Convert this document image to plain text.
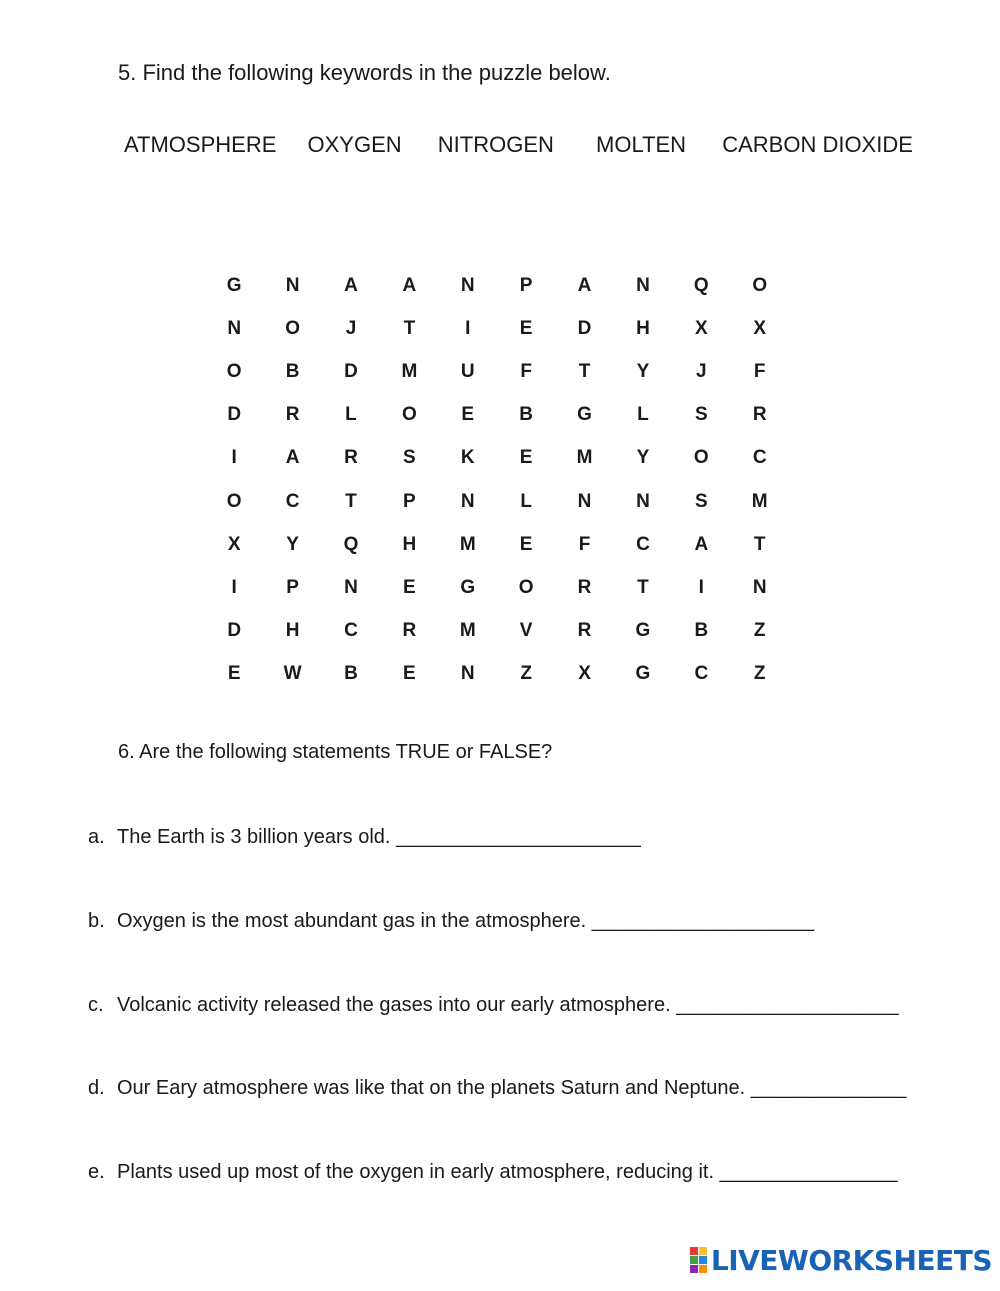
5. Find the following keywords in the puzzle below.
ATMOSPHERE OXYGEN NITROGEN MOLTEN CARBON DIOXIDE
G	N	A	A	N	P	A	N	Q	O
N	O	J	T	I	E	D	H	X	X
O	B	D	M	U	F	T	Y	J	F
D	R	L	O	E	B	G	L	S	R
I	A	R	S	K	E	M	Y	O	C
O	C	T	P	N	L	N	N	S	M
X	Y	Q	H	M	E	F	C	A	T
I	P	N	E	G	O	R	T	I	N
D	H	C	R	M	V	R	G	B	Z
E	W	B	E	N	Z	X	G	C	Z
6. Are the following statements TRUE or FALSE?
a. The Earth is 3 billion years old. ______________________
b. Oxygen is the most abundant gas in the atmosphere. ____________________
c. Volcanic activity released the gases into our early atmosphere. ____________________
d. Our Eary atmosphere was like that on the planets Saturn and Neptune. ______________
e. Plants used up most of the oxygen in early atmosphere, reducing it. ________________
LIVEWORKSHEETS
